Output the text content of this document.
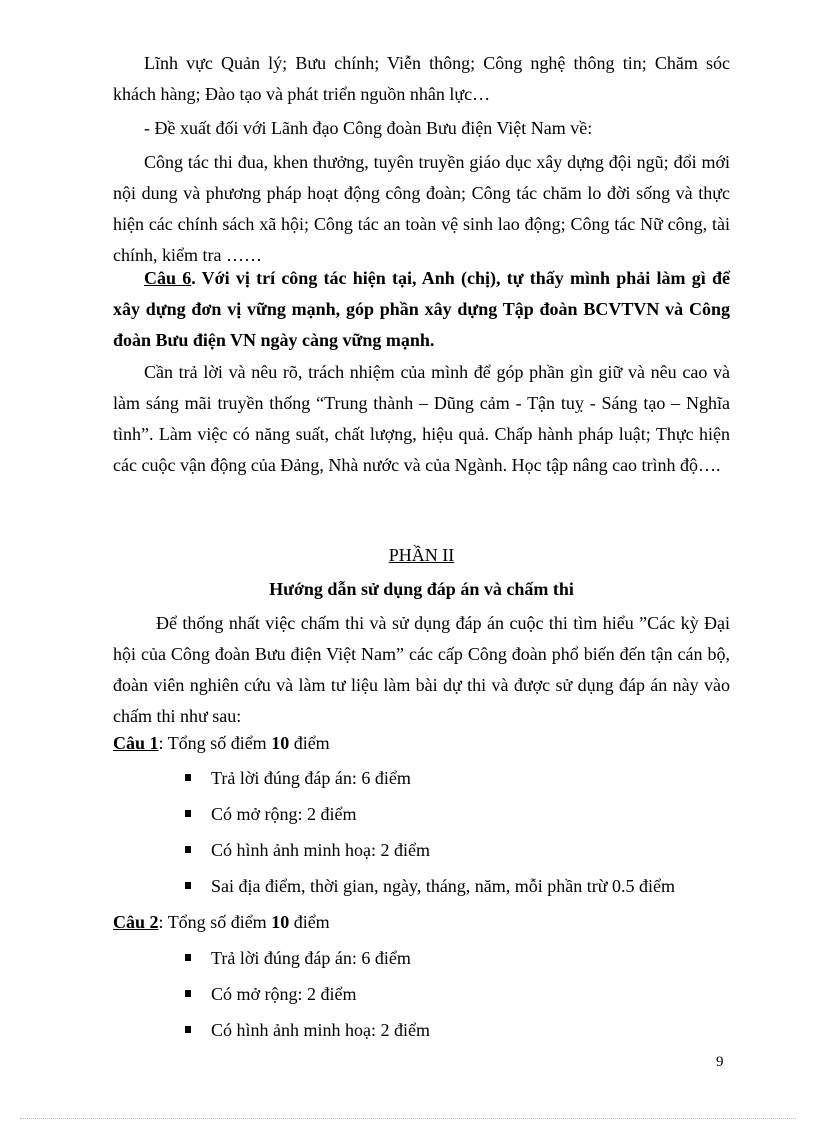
Lĩnh vực Quản lý; Bưu chính; Viễn thông; Công nghệ thông tin; Chăm sóc khách hàng; Đào tạo và phát triển nguồn nhân lực…

- Đề xuất đối với Lãnh đạo Công đoàn Bưu điện Việt Nam về:

Công tác thi đua, khen thưởng, tuyên truyền giáo dục xây dựng đội ngũ; đổi mới nội dung và phương pháp hoạt động công đoàn; Công tác chăm lo đời sống và thực hiện các chính sách xã hội; Công tác an toàn vệ sinh lao động; Công tác Nữ công, tài chính, kiểm tra ……

Câu 6. Với vị trí công tác hiện tại, Anh (chị), tự thấy mình phải làm gì để xây dựng đơn vị vững mạnh, góp phần xây dựng Tập đoàn BCVTVN và Công đoàn Bưu điện VN ngày càng vững mạnh.

Cần trả lời và nêu rõ, trách nhiệm của mình để góp phần gìn giữ và nêu cao và làm sáng mãi truyền thống “Trung thành – Dũng cảm - Tận tuỵ - Sáng tạo – Nghĩa tình”. Làm việc có năng suất, chất lượng, hiệu quả. Chấp hành pháp luật; Thực hiện các cuộc vận động của Đảng, Nhà nước và của Ngành. Học tập nâng cao trình độ….

PHẦN II

Hướng dẫn sử dụng đáp án và chấm thi

Để thống nhất việc chấm thi và sử dụng đáp án cuộc thi tìm hiểu ”Các kỳ Đại hội của Công đoàn Bưu điện Việt Nam” các cấp Công đoàn phổ biến đến tận cán bộ, đoàn viên nghiên cứu và làm tư liệu làm bài dự thi và được sử dụng đáp án này vào chấm thi như sau:

Câu 1: Tổng số điểm 10 điểm

Trả lời đúng đáp án: 6 điểm
Có mở rộng: 2 điểm
Có hình ảnh minh hoạ: 2 điểm
Sai địa điểm, thời gian, ngày, tháng, năm, mỗi phần trừ 0.5 điểm

Câu 2: Tổng số điểm 10 điểm

Trả lời đúng đáp án: 6 điểm
Có mở rộng: 2 điểm
Có hình ảnh minh hoạ: 2 điểm
9
